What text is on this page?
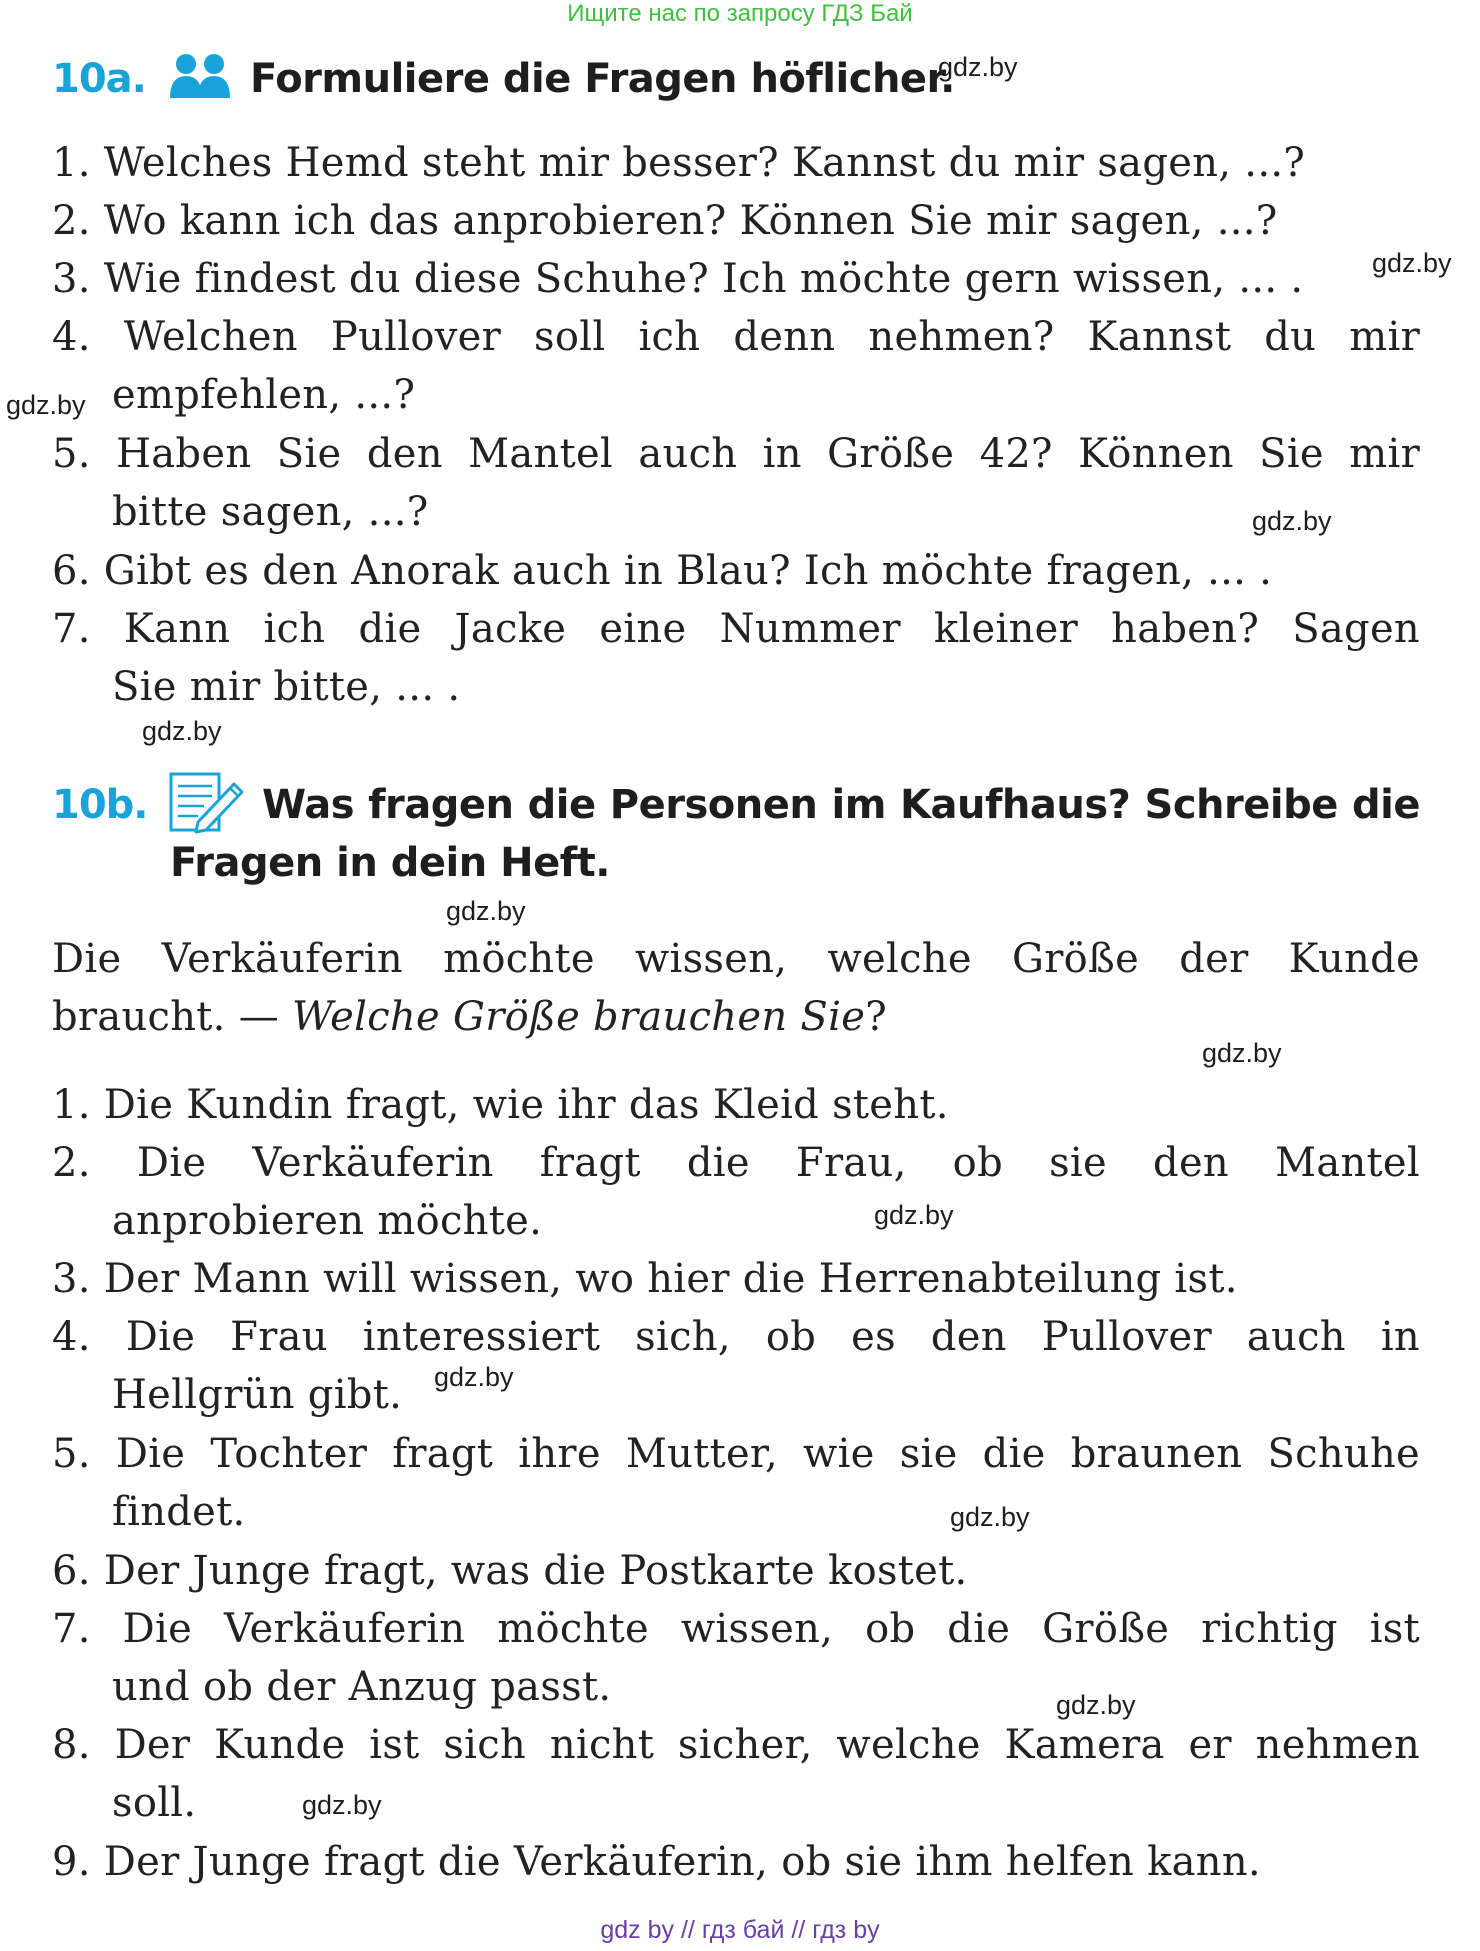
Ищите нас по запросу ГДЗ Бай
gdz by // гдз бай // гдз by
10a.	Formuliere die Fragen höflicher.
1. Welches Hemd steht mir besser? Kannst du mir sagen, ...?
2. Wo kann ich das anprobieren? Können Sie mir sagen, ...?
3. Wie findest du diese Schuhe? Ich möchte gern wissen, ... .
4. Welchen Pullover soll ich denn nehmen? Kannst du mir
empfehlen, ...?
5. Haben Sie den Mantel auch in Größe 42? Können Sie mir
bitte sagen, ...?
6. Gibt es den Anorak auch in Blau? Ich möchte fragen, ... .
7. Kann ich die Jacke eine Nummer kleiner haben? Sagen
Sie mir bitte, ... .
10b.	Was fragen die Personen im Kaufhaus? Schreibe die
Fragen in dein Heft.
Die Verkäuferin möchte wissen, welche Größe der Kunde
braucht. — Welche Größe brauchen Sie?
1. Die Kundin fragt, wie ihr das Kleid steht.
2. Die Verkäuferin fragt die Frau, ob sie den Mantel
anprobieren möchte.
3. Der Mann will wissen, wo hier die Herrenabteilung ist.
4. Die Frau interessiert sich, ob es den Pullover auch in
Hellgrün gibt.
5. Die Tochter fragt ihre Mutter, wie sie die braunen Schuhe
findet.
6. Der Junge fragt, was die Postkarte kostet.
7. Die Verkäuferin möchte wissen, ob die Größe richtig ist
und ob der Anzug passt.
8. Der Kunde ist sich nicht sicher, welche Kamera er nehmen
soll.
9. Der Junge fragt die Verkäuferin, ob sie ihm helfen kann.
gdz.by
gdz.by
gdz.by
gdz.by
gdz.by
gdz.by
gdz.by
gdz.by
gdz.by
gdz.by
gdz.by
gdz.by
